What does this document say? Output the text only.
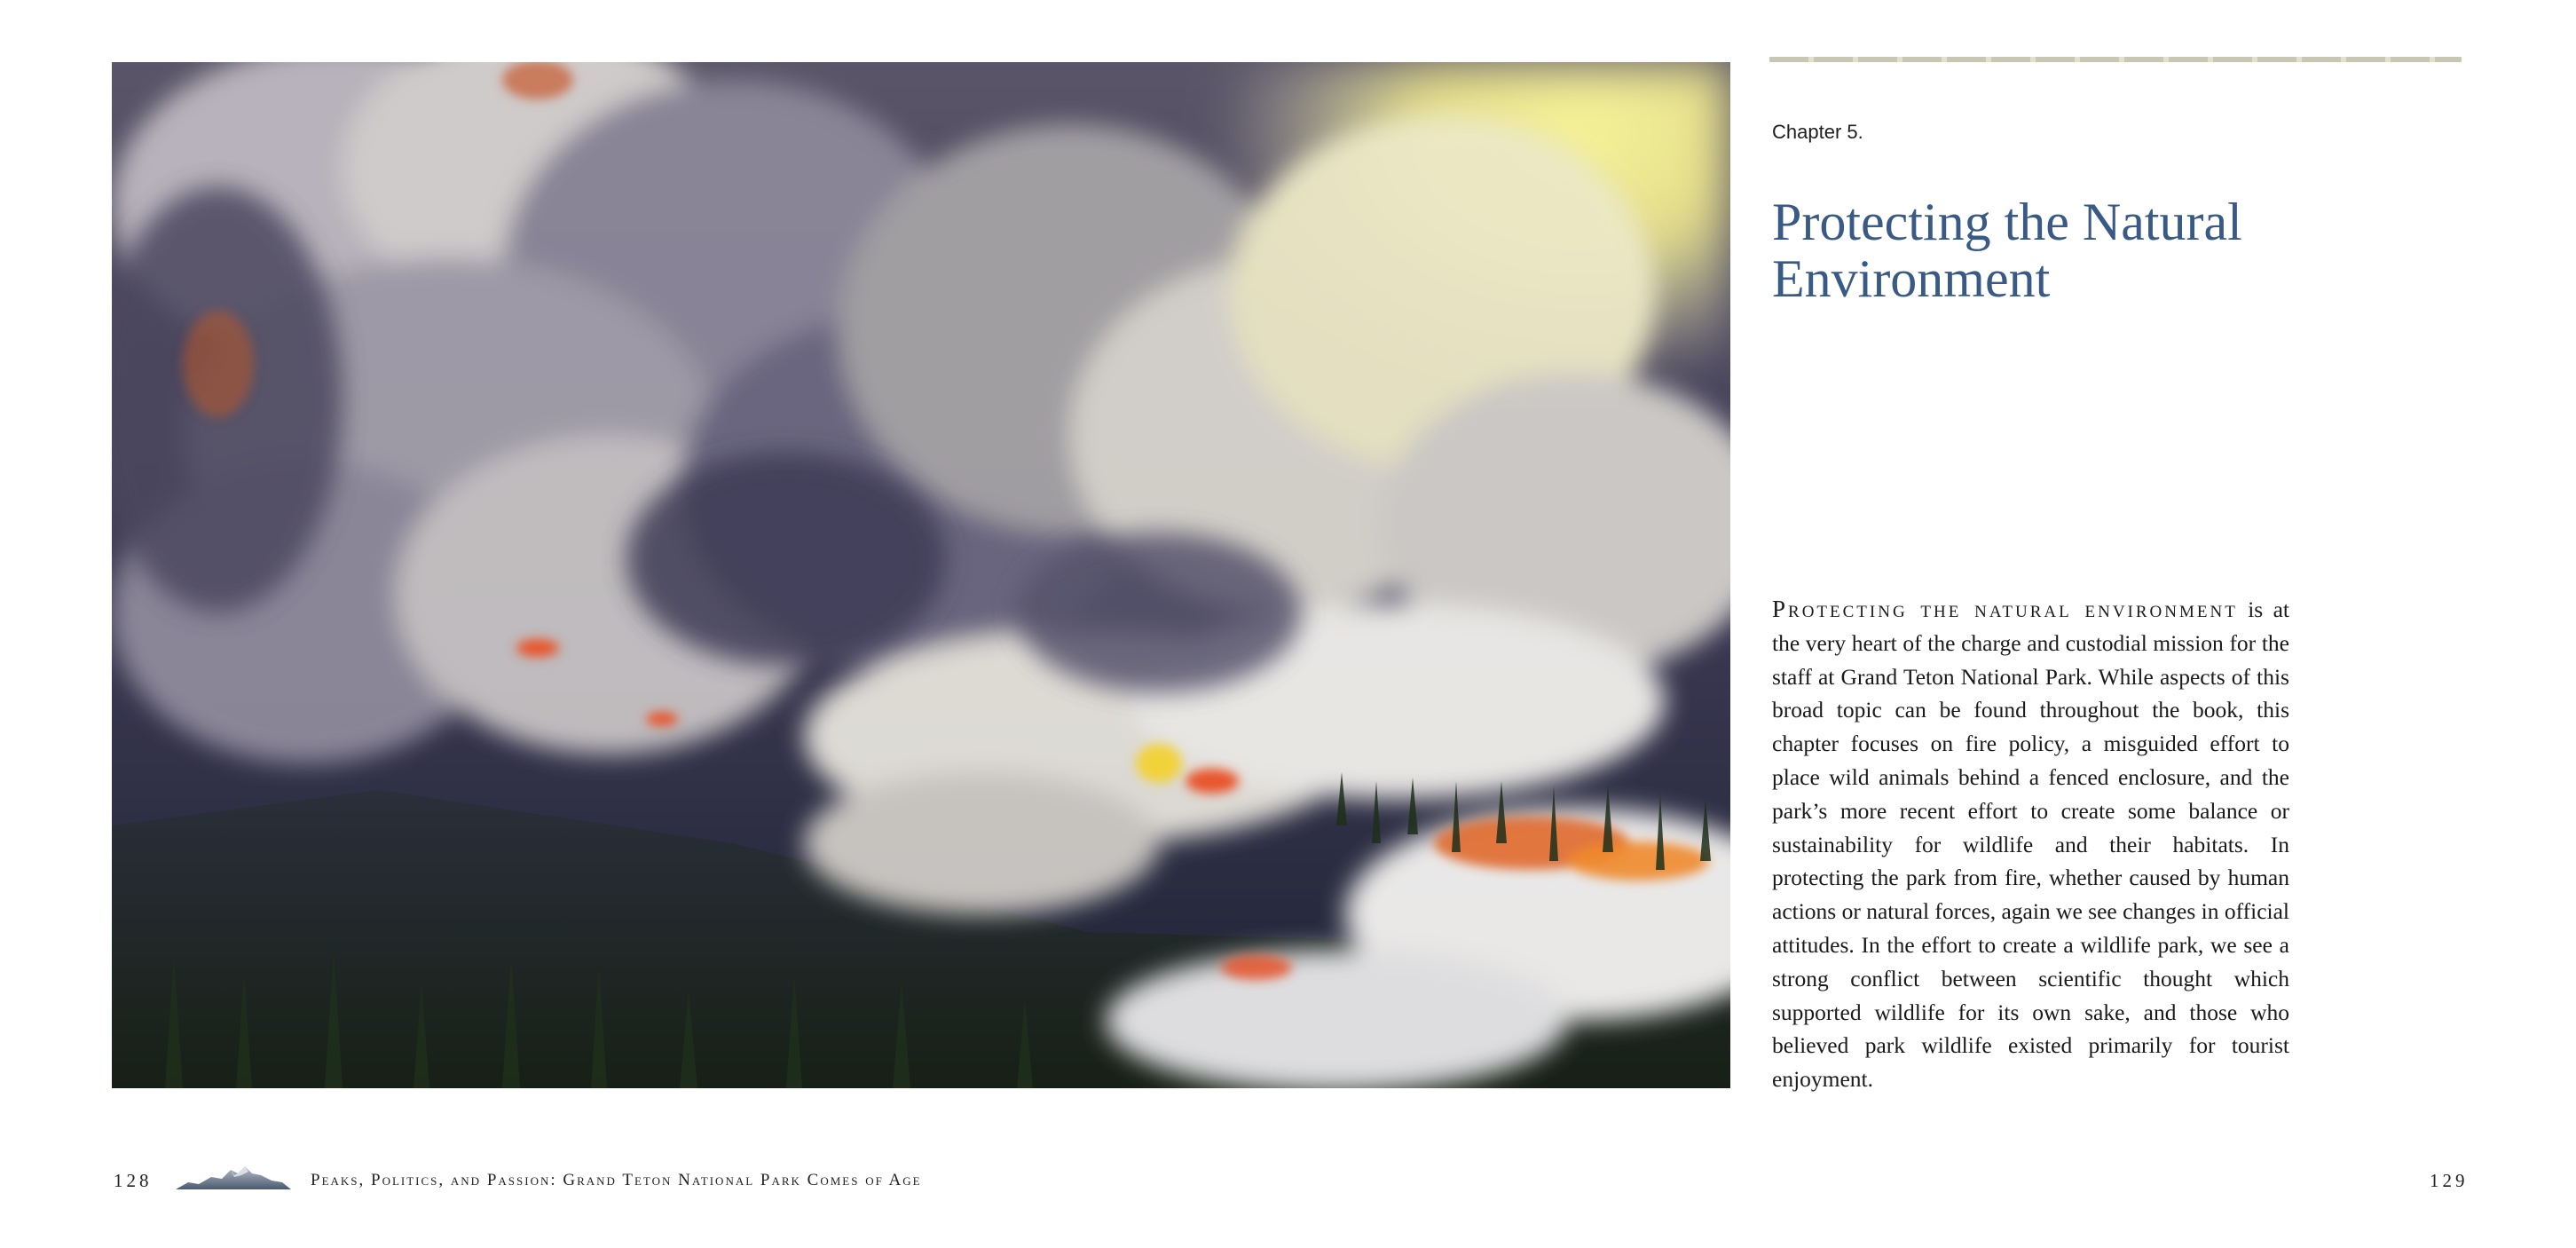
Chapter 5.
Protecting the Natural Environment

Protecting the natural environment is at the very heart of the charge and custodial mission for the staff at Grand Teton National Park. While aspects of this broad topic can be found throughout the book, this chapter focuses on fire policy, a misguided effort to place wild animals behind a fenced enclosure, and the park’s more recent effort to create some balance or sustainability for wildlife and their habitats. In protecting the park from fire, whether caused by human actions or natural forces, again we see changes in official attitudes. In the effort to create a wildlife park, we see a strong conflict between scientific thought which supported wildlife for its own sake, and those who believed park wildlife existed primarily for tourist enjoyment.

128	Peaks, Politics, and Passion: Grand Teton National Park Comes of Age	129
